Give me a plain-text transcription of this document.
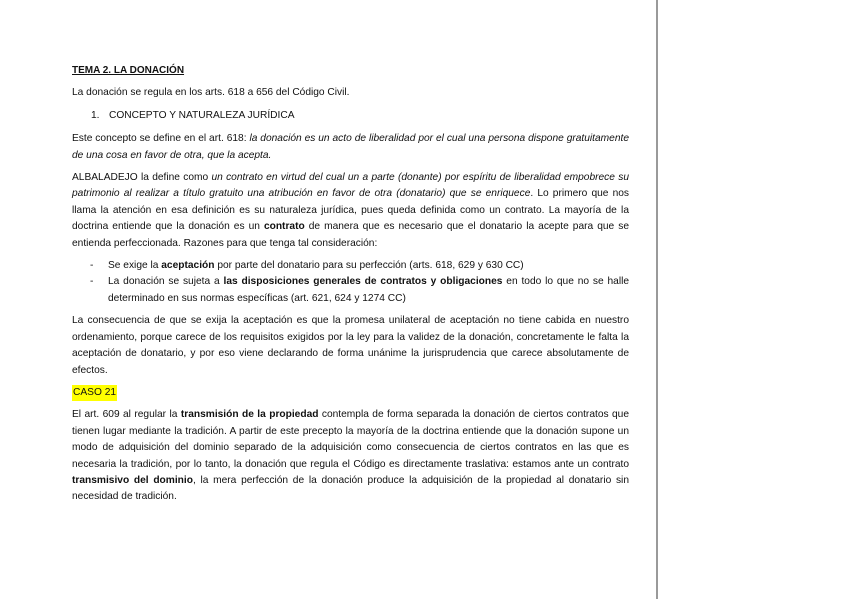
TEMA 2. LA DONACIÓN

La donación se regula en los arts. 618 a 656 del Código Civil.

1. CONCEPTO Y NATURALEZA JURÍDICA

Este concepto se define en el art. 618: la donación es un acto de liberalidad por el cual una persona dispone gratuitamente de una cosa en favor de otra, que la acepta.

ALBALADEJO la define como un contrato en virtud del cual un a parte (donante) por espíritu de liberalidad empobrece su patrimonio al realizar a título gratuito una atribución en favor de otra (donatario) que se enriquece. Lo primero que nos llama la atención en esa definición es su naturaleza jurídica, pues queda definida como un contrato. La mayoría de la doctrina entiende que la donación es un contrato de manera que es necesario que el donatario la acepte para que se entienda perfeccionada. Razones para que tenga tal consideración:

- Se exige la aceptación por parte del donatario para su perfección (arts. 618, 629 y 630 CC)
- La donación se sujeta a las disposiciones generales de contratos y obligaciones en todo lo que no se halle determinado en sus normas específicas (art. 621, 624 y 1274 CC)

La consecuencia de que se exija la aceptación es que la promesa unilateral de aceptación no tiene cabida en nuestro ordenamiento, porque carece de los requisitos exigidos por la ley para la validez de la donación, concretamente le falta la aceptación de donatario, y por eso viene declarando de forma unánime la jurisprudencia que carece absolutamente de efectos.

CASO 21

El art. 609 al regular la transmisión de la propiedad contempla de forma separada la donación de ciertos contratos que tienen lugar mediante la tradición. A partir de este precepto la mayoría de la doctrina entiende que la donación supone un modo de adquisición del dominio separado de la adquisición como consecuencia de ciertos contratos en las que es necesaria la tradición, por lo tanto, la donación que regula el Código es directamente traslativa: estamos ante un contrato transmisivo del dominio, la mera perfección de la donación produce la adquisición de la propiedad al donatario sin necesidad de tradición.
